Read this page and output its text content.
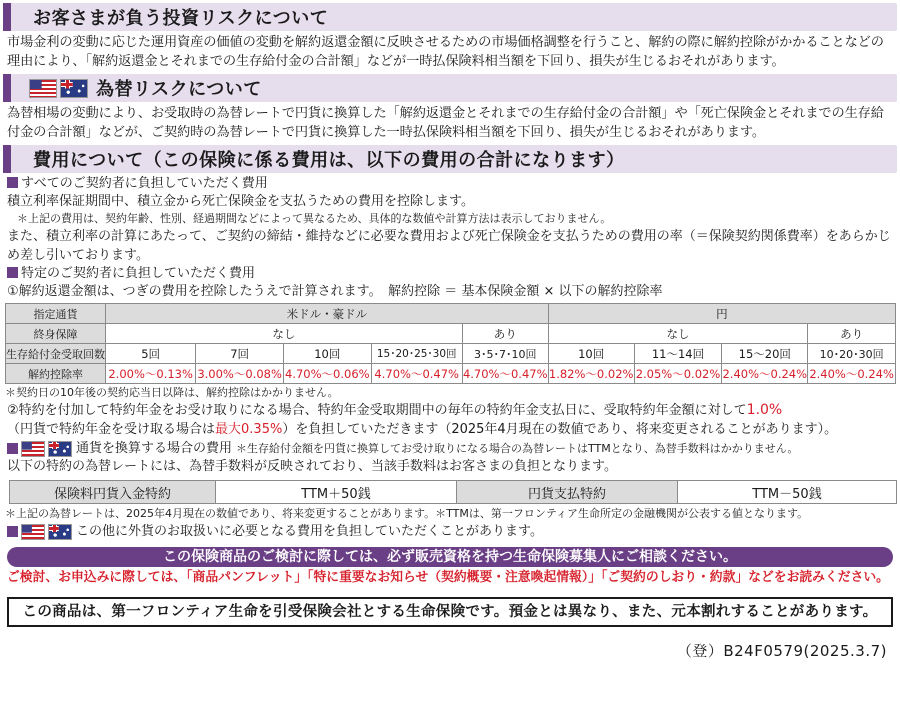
お客さまが負う投資リスクについて

市場金利の変動に応じた運用資産の価値の変動を解約返還金額に反映させるための市場価格調整を行うこと、解約の際に解約控除がかかることなどの理由により、「解約返還金とそれまでの生存給付金の合計額」などが一時払保険料相当額を下回り、損失が生じるおそれがあります。

為替リスクについて

為替相場の変動により、お受取時の為替レートで円貨に換算した「解約返還金とそれまでの生存給付金の合計額」や「死亡保険金とそれまでの生存給付金の合計額」などが、ご契約時の為替レートで円貨に換算した一時払保険料相当額を下回り、損失が生じるおそれがあります。

費用について（この保険に係る費用は、以下の費用の合計になります）
すべてのご契約者に負担していただく費用
積立利率保証期間中、積立金から死亡保険金を支払うための費用を控除します。
＊上記の費用は、契約年齢、性別、経過期間などによって異なるため、具体的な数値や計算方法は表示しておりません。
また、積立利率の計算にあたって、ご契約の締結・維持などに必要な費用および死亡保険金を支払うための費用の率（＝保険契約関係費率）をあらかじめ差し引いております。
特定のご契約者に負担していただく費用
①解約返還金額は、つぎの費用を控除したうえで計算されます。　解約控除 ＝ 基本保険金額 × 以下の解約控除率
指定通貨	米ドル・豪ドル					円			
終身保障	なし				あり	なし			あり
生存給付金受取回数	5回	7回	10回	15･20･25･30回	3･5･7･10回	10回	11～14回	15～20回	10･20･30回
解約控除率	2.00%～0.13%	3.00%～0.08%	4.70%～0.06%	4.70%～0.47%	4.70%～0.47%	1.82%～0.02%	2.05%～0.02%	2.40%～0.24%	2.40%～0.24%
＊契約日の10年後の契約応当日以降は、解約控除はかかりません。
②特約を付加して特約年金をお受け取りになる場合、特約年金受取期間中の毎年の特約年金支払日に、受取特約年金額に対して1.0%
（円貨で特約年金を受け取る場合は最大0.35%）を負担していただきます（2025年4月現在の数値であり、将来変更されることがあります）。
通貨を換算する場合の費用 ＊生存給付金額を円貨に換算してお受け取りになる場合の為替レートはTTMとなり、為替手数料はかかりません。
以下の特約の為替レートには、為替手数料が反映されており、当該手数料はお客さまの負担となります。
保険料円貨入金特約	TTM＋50銭	円貨支払特約	TTM－50銭
＊上記の為替レートは、2025年4月現在の数値であり、将来変更することがあります。＊TTMは、第一フロンティア生命所定の金融機関が公表する値となります。
この他に外貨のお取扱いに必要となる費用を負担していただくことがあります。
この保険商品のご検討に際しては、必ず販売資格を持つ生命保険募集人にご相談ください。
ご検討、お申込みに際しては、「商品パンフレット」「特に重要なお知らせ（契約概要・注意喚起情報）」「ご契約のしおり・約款」などをお読みください。
この商品は、第一フロンティア生命を引受保険会社とする生命保険です。預金とは異なり、また、元本割れすることがあります。
（登）B24F0579(2025.3.7)
